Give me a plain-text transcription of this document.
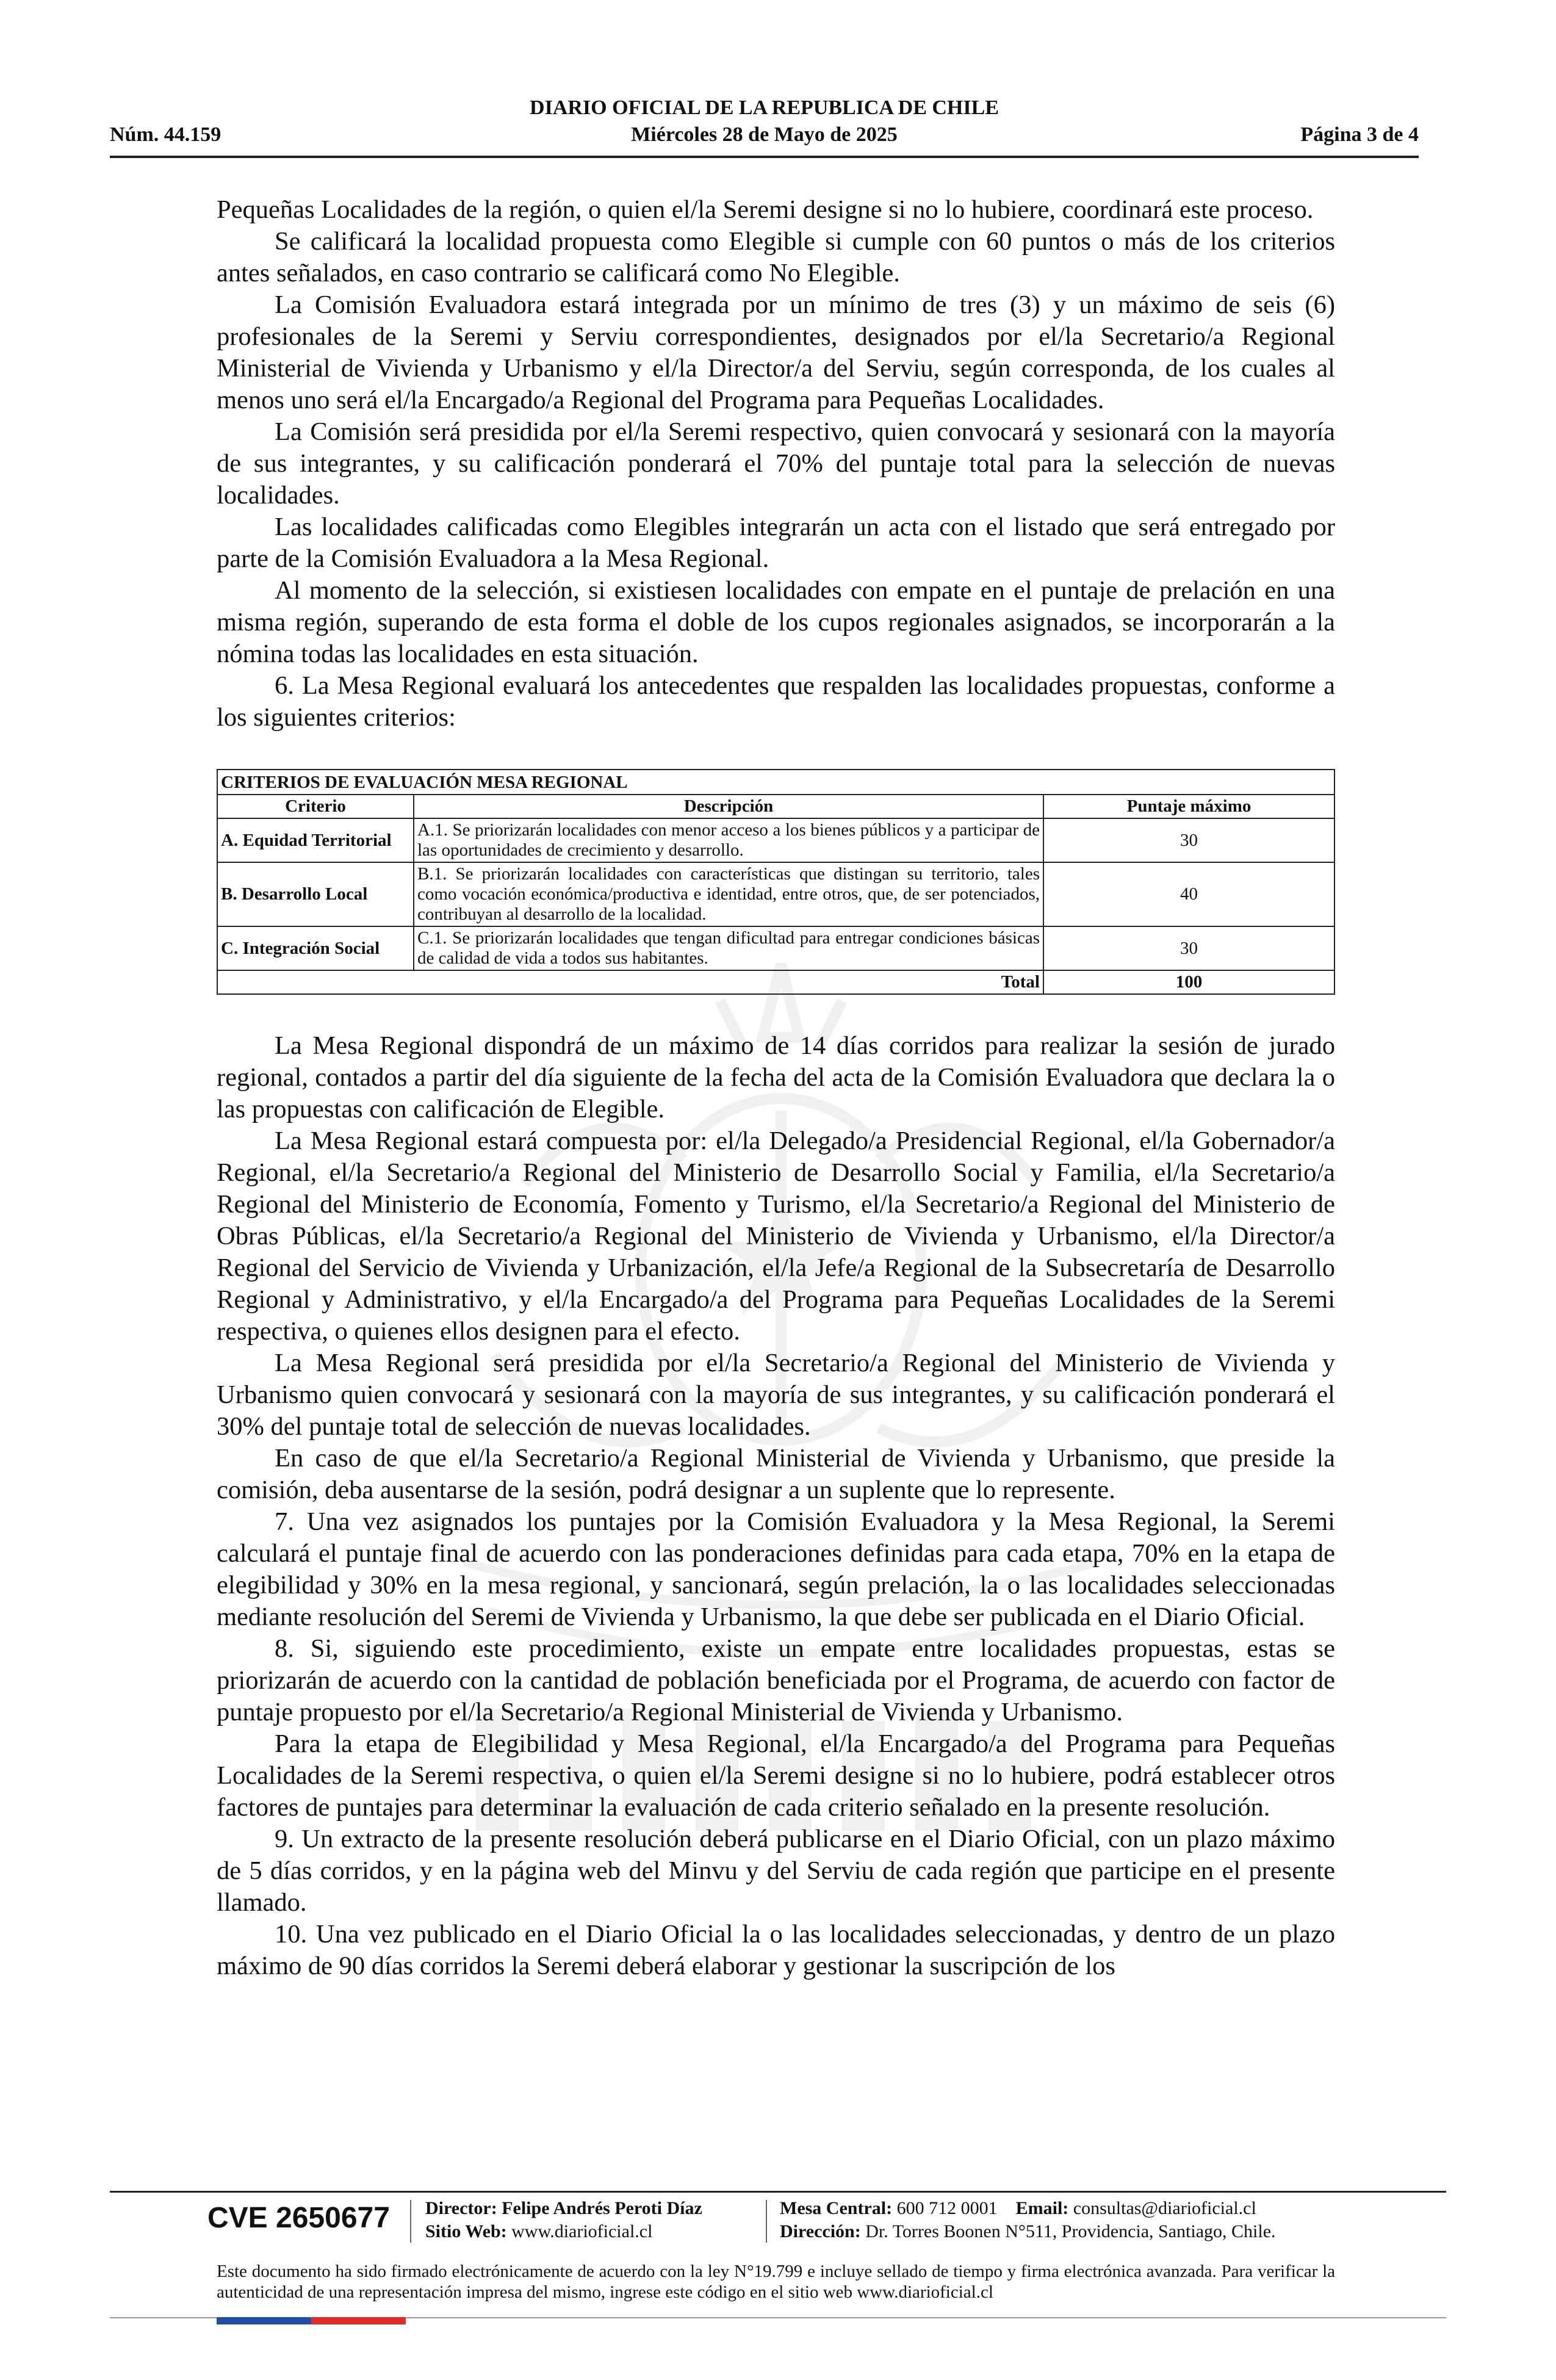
DIARIO OFICIAL DE LA REPUBLICA DE CHILE
Miércoles 28 de Mayo de 2025
Núm. 44.159	Página 3 de 4

Pequeñas Localidades de la región, o quien el/la Seremi designe si no lo hubiere, coordinará este proceso.

Se calificará la localidad propuesta como Elegible si cumple con 60 puntos o más de los criterios antes señalados, en caso contrario se calificará como No Elegible.

La Comisión Evaluadora estará integrada por un mínimo de tres (3) y un máximo de seis (6) profesionales de la Seremi y Serviu correspondientes, designados por el/la Secretario/a Regional Ministerial de Vivienda y Urbanismo y el/la Director/a del Serviu, según corresponda, de los cuales al menos uno será el/la Encargado/a Regional del Programa para Pequeñas Localidades.

La Comisión será presidida por el/la Seremi respectivo, quien convocará y sesionará con la mayoría de sus integrantes, y su calificación ponderará el 70% del puntaje total para la selección de nuevas localidades.

Las localidades calificadas como Elegibles integrarán un acta con el listado que será entregado por parte de la Comisión Evaluadora a la Mesa Regional.

Al momento de la selección, si existiesen localidades con empate en el puntaje de prelación en una misma región, superando de esta forma el doble de los cupos regionales asignados, se incorporarán a la nómina todas las localidades en esta situación.

6. La Mesa Regional evaluará los antecedentes que respalden las localidades propuestas, conforme a los siguientes criterios:

CRITERIOS DE EVALUACIÓN MESA REGIONAL		
Criterio	Descripción	Puntaje máximo
A. Equidad Territorial	A.1. Se priorizarán localidades con menor acceso a los bienes públicos y a participar de las oportunidades de crecimiento y desarrollo.	30
B. Desarrollo Local	B.1. Se priorizarán localidades con características que distingan su territorio, tales como vocación económica/productiva e identidad, entre otros, que, de ser potenciados, contribuyan al desarrollo de la localidad.	40
C. Integración Social	C.1. Se priorizarán localidades que tengan dificultad para entregar condiciones básicas de calidad de vida a todos sus habitantes.	30
	Total	100

La Mesa Regional dispondrá de un máximo de 14 días corridos para realizar la sesión de jurado regional, contados a partir del día siguiente de la fecha del acta de la Comisión Evaluadora que declara la o las propuestas con calificación de Elegible.

La Mesa Regional estará compuesta por: el/la Delegado/a Presidencial Regional, el/la Gobernador/a Regional, el/la Secretario/a Regional del Ministerio de Desarrollo Social y Familia, el/la Secretario/a Regional del Ministerio de Economía, Fomento y Turismo, el/la Secretario/a Regional del Ministerio de Obras Públicas, el/la Secretario/a Regional del Ministerio de Vivienda y Urbanismo, el/la Director/a Regional del Servicio de Vivienda y Urbanización, el/la Jefe/a Regional de la Subsecretaría de Desarrollo Regional y Administrativo, y el/la Encargado/a del Programa para Pequeñas Localidades de la Seremi respectiva, o quienes ellos designen para el efecto.

La Mesa Regional será presidida por el/la Secretario/a Regional del Ministerio de Vivienda y Urbanismo quien convocará y sesionará con la mayoría de sus integrantes, y su calificación ponderará el 30% del puntaje total de selección de nuevas localidades.

En caso de que el/la Secretario/a Regional Ministerial de Vivienda y Urbanismo, que preside la comisión, deba ausentarse de la sesión, podrá designar a un suplente que lo represente.

7. Una vez asignados los puntajes por la Comisión Evaluadora y la Mesa Regional, la Seremi calculará el puntaje final de acuerdo con las ponderaciones definidas para cada etapa, 70% en la etapa de elegibilidad y 30% en la mesa regional, y sancionará, según prelación, la o las localidades seleccionadas mediante resolución del Seremi de Vivienda y Urbanismo, la que debe ser publicada en el Diario Oficial.

8. Si, siguiendo este procedimiento, existe un empate entre localidades propuestas, estas se priorizarán de acuerdo con la cantidad de población beneficiada por el Programa, de acuerdo con factor de puntaje propuesto por el/la Secretario/a Regional Ministerial de Vivienda y Urbanismo.

Para la etapa de Elegibilidad y Mesa Regional, el/la Encargado/a del Programa para Pequeñas Localidades de la Seremi respectiva, o quien el/la Seremi designe si no lo hubiere, podrá establecer otros factores de puntajes para determinar la evaluación de cada criterio señalado en la presente resolución.

9. Un extracto de la presente resolución deberá publicarse en el Diario Oficial, con un plazo máximo de 5 días corridos, y en la página web del Minvu y del Serviu de cada región que participe en el presente llamado.

10. Una vez publicado en el Diario Oficial la o las localidades seleccionadas, y dentro de un plazo máximo de 90 días corridos la Seremi deberá elaborar y gestionar la suscripción de los

CVE 2650677 Director: Felipe Andrés Peroti Díaz
Sitio Web: www.diarioficial.cl
Mesa Central: 600 712 0001 Email: consultas@diarioficial.cl
Dirección: Dr. Torres Boonen N°511, Providencia, Santiago, Chile.
Este documento ha sido firmado electrónicamente de acuerdo con la ley N°19.799 e incluye sellado de tiempo y firma electrónica avanzada. Para verificar la autenticidad de una representación impresa del mismo, ingrese este código en el sitio web www.diarioficial.cl
